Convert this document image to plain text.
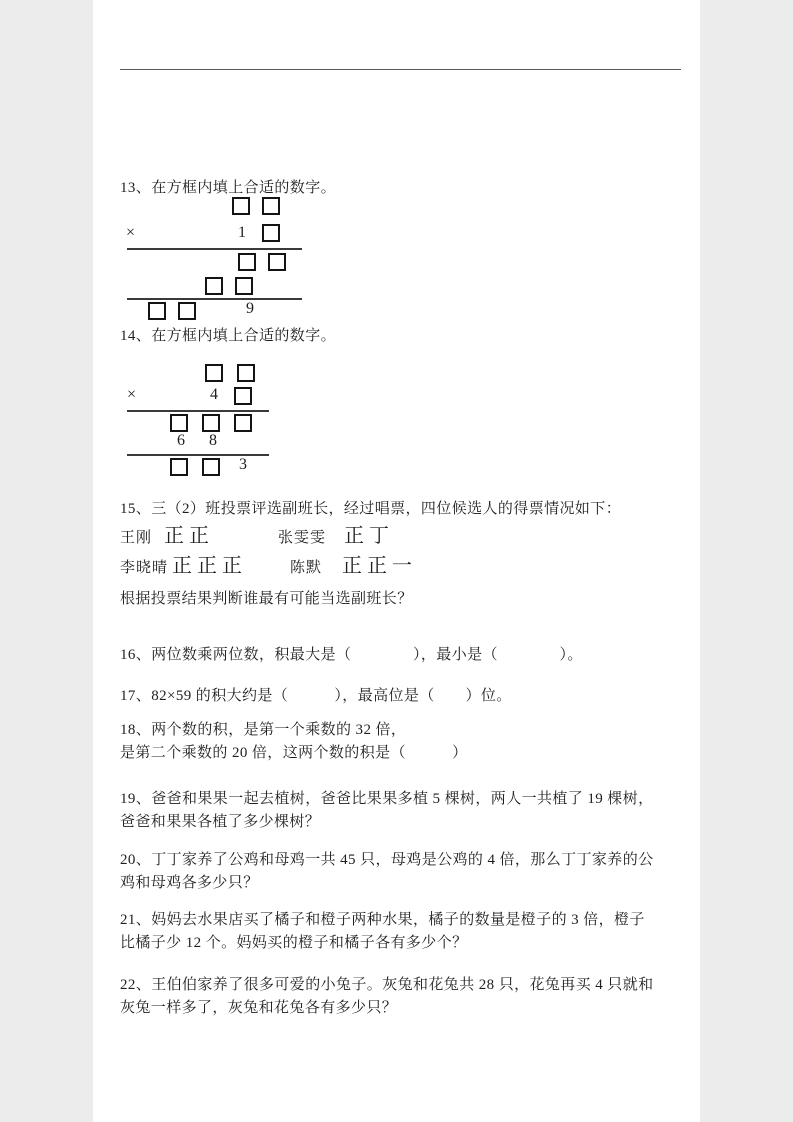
13、在方框内填上合适的数字。
×	1
9
14、在方框内填上合适的数字。
×	4
6 8
3
15、三（2）班投票评选副班长，经过唱票，四位候选人的得票情况如下：
王刚 正正	张雯雯 正丁
李晓晴 正正正	陈默 正正一
根据投票结果判断谁最有可能当选副班长？
16、两位数乘两位数，积最大是（　　　　），最小是（　　　　）。
17、82×59 的积大约是（　　　），最高位是（　　）位。
18、两个数的积，是第一个乘数的 32 倍，
是第二个乘数的 20 倍，这两个数的积是（　　　）
19、爸爸和果果一起去植树，爸爸比果果多植 5 棵树，两人一共植了 19 棵树，
爸爸和果果各植了多少棵树？
20、丁丁家养了公鸡和母鸡一共 45 只，母鸡是公鸡的 4 倍，那么丁丁家养的公
鸡和母鸡各多少只？
21、妈妈去水果店买了橘子和橙子两种水果，橘子的数量是橙子的 3 倍，橙子
比橘子少 12 个。妈妈买的橙子和橘子各有多少个？
22、王伯伯家养了很多可爱的小兔子。灰兔和花兔共 28 只，花兔再买 4 只就和
灰兔一样多了，灰兔和花兔各有多少只？
